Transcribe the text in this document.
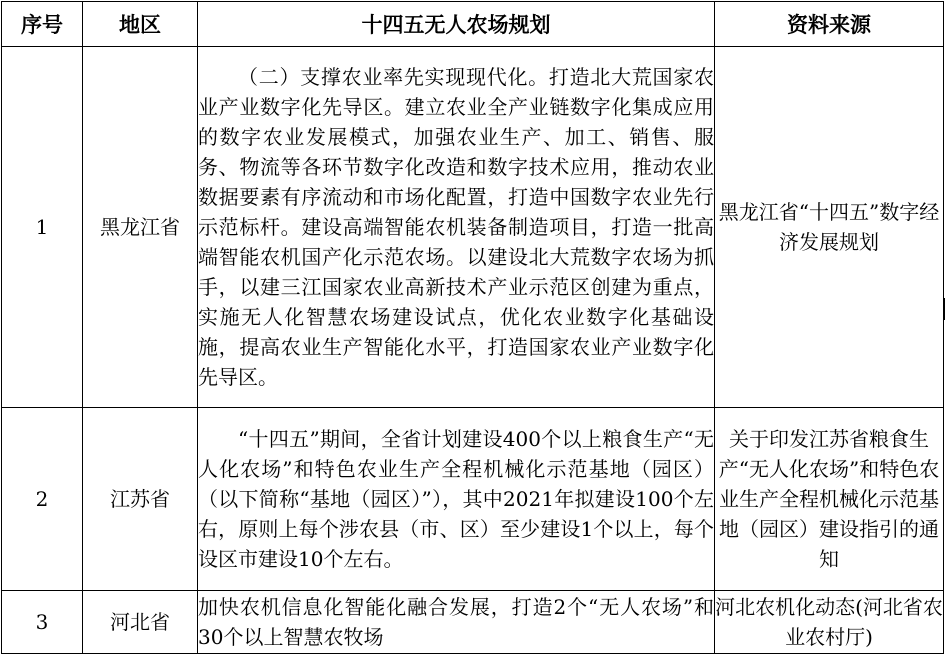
序号	地区	十四五无人农场规划	资料来源
1	黑龙江省	（二）支撑农业率先实现现代化。打造北大荒国家农业产业数字化先导区。建立农业全产业链数字化集成应用的数字农业发展模式，加强农业生产、加工、销售、服务、物流等各环节数字化改造和数字技术应用，推动农业数据要素有序流动和市场化配置，打造中国数字农业先行示范标杆。建设高端智能农机装备制造项目，打造一批高端智能农机国产化示范农场。以建设北大荒数字农场为抓手，以建三江国家农业高新技术产业示范区创建为重点，实施无人化智慧农场建设试点，优化农业数字化基础设施，提高农业生产智能化水平，打造国家农业产业数字化先导区。	黑龙江省“十四五”数字经济发展规划
2	江苏省	“十四五”期间，全省计划建设400个以上粮食生产“无人化农场”和特色农业生产全程机械化示范基地（园区）（以下简称“基地（园区）”），其中2021年拟建设100个左右，原则上每个涉农县（市、区）至少建设1个以上，每个设区市建设10个左右。	关于印发江苏省粮食生产“无人化农场”和特色农业生产全程机械化示范基地（园区）建设指引的通知
3	河北省	加快农机信息化智能化融合发展，打造2个“无人农场”和30个以上智慧农牧场	河北农机化动态(河北省农业农村厅)
